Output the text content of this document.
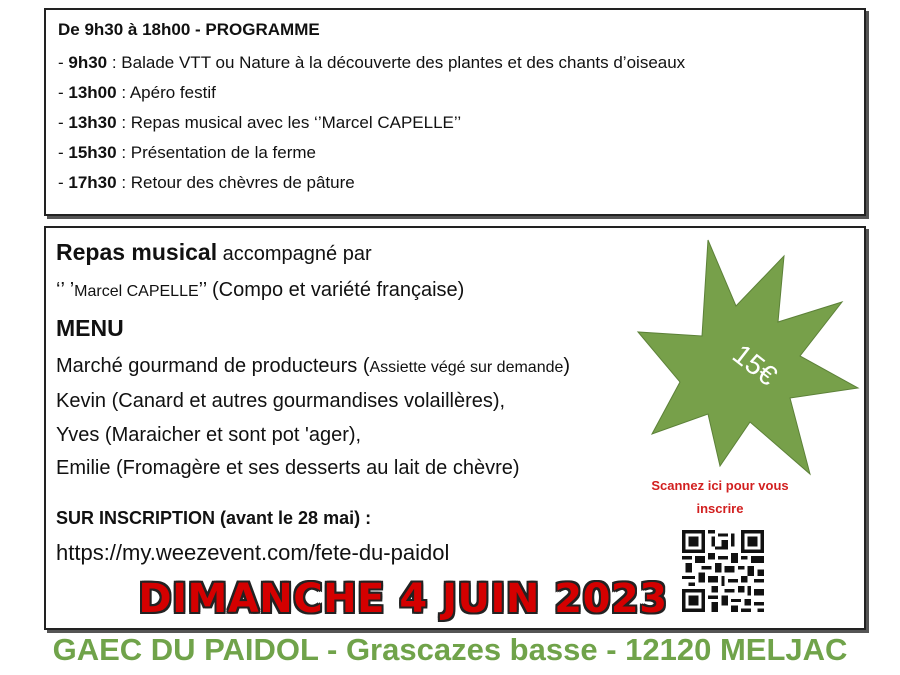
De 9h30 à 18h00 - PROGRAMME
- 9h30 : Balade VTT ou Nature à la découverte des plantes et des chants d’oiseaux
- 13h00 : Apéro festif
- 13h30 : Repas musical avec les ‘’Marcel CAPELLE’’
- 15h30 : Présentation de la ferme
- 17h30 : Retour des chèvres de pâture
Repas musical accompagné par
‘’ ’Marcel CAPELLE’’ (Compo et variété française)
MENU
Marché gourmand de producteurs (Assiette végé sur demande)
Kevin (Canard et autres gourmandises volaillères),
Yves (Maraicher et sont pot 'ager),
Emilie (Fromagère et ses desserts au lait de chèvre)
SUR INSCRIPTION (avant le 28 mai) :
https://my.weezevent.com/fete-du-paidol
15€
Scannez ici pour vous
inscrire
DIMANCHE 4 JUIN 2023
GAEC DU PAIDOL - Grascazes basse - 12120 MELJAC
